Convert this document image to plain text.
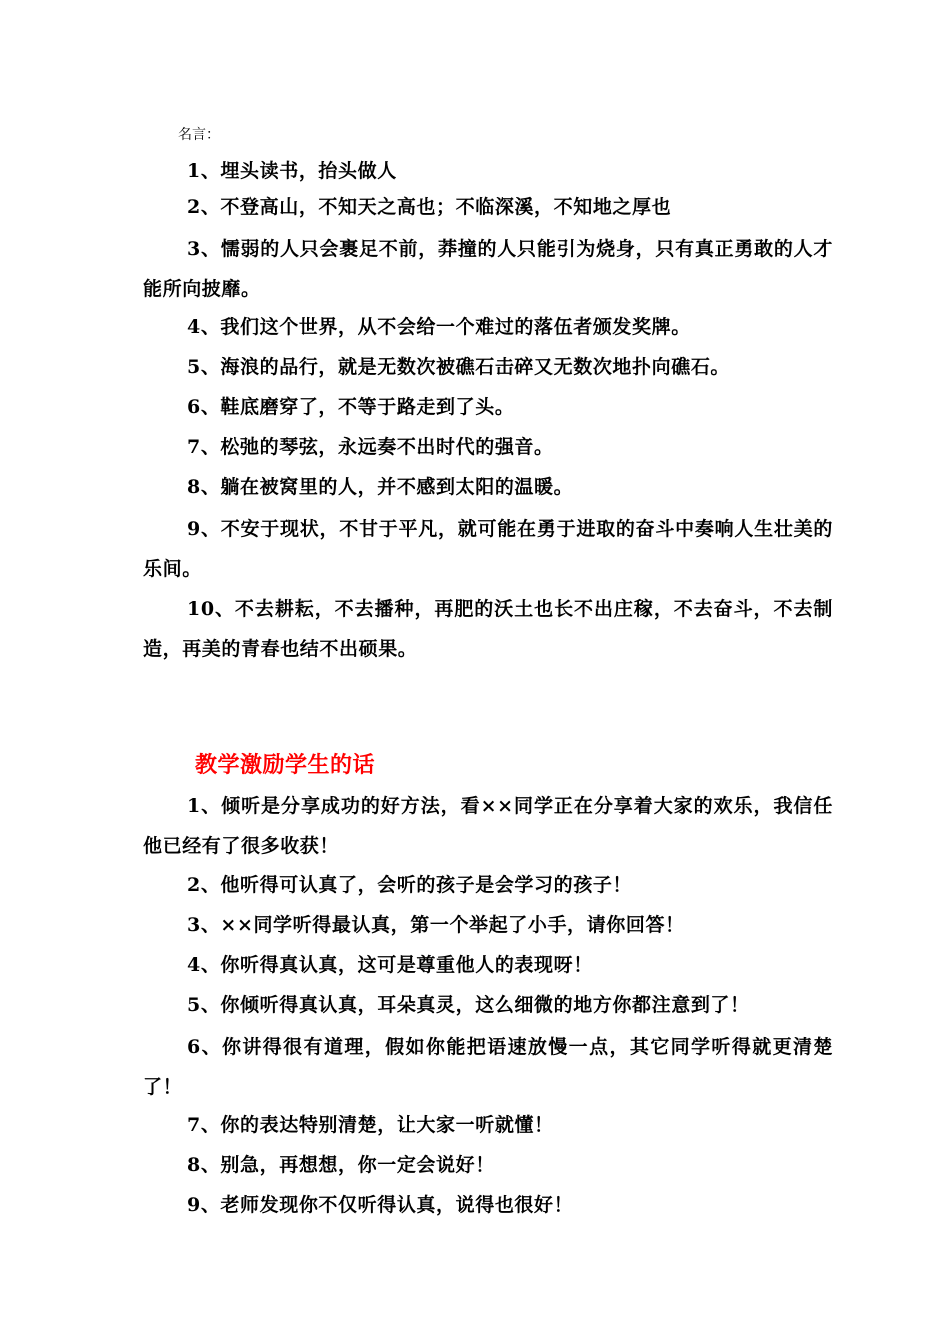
名言：

1、埋头读书，抬头做人

2、不登高山，不知天之高也；不临深溪，不知地之厚也

3、懦弱的人只会裹足不前，莽撞的人只能引为烧身，只有真正勇敢的人才能所向披靡。

4、我们这个世界，从不会给一个难过的落伍者颁发奖牌。

5、海浪的品行，就是无数次被礁石击碎又无数次地扑向礁石。

6、鞋底磨穿了，不等于路走到了头。

7、松弛的琴弦，永远奏不出时代的强音。

8、躺在被窝里的人，并不感到太阳的温暖。

9、不安于现状，不甘于平凡，就可能在勇于进取的奋斗中奏响人生壮美的乐间。

10、不去耕耘，不去播种，再肥的沃土也长不出庄稼，不去奋斗，不去制造，再美的青春也结不出硕果。

教学激励学生的话

1、倾听是分享成功的好方法，看××同学正在分享着大家的欢乐，我信任他已经有了很多收获！

2、他听得可认真了，会听的孩子是会学习的孩子！

3、××同学听得最认真，第一个举起了小手，请你回答！

4、你听得真认真，这可是尊重他人的表现呀！

5、你倾听得真认真，耳朵真灵，这么细微的地方你都注意到了！

6、你讲得很有道理，假如你能把语速放慢一点，其它同学听得就更清楚了！

7、你的表达特别清楚，让大家一听就懂！

8、别急，再想想，你一定会说好！

9、老师发现你不仅听得认真，说得也很好！
